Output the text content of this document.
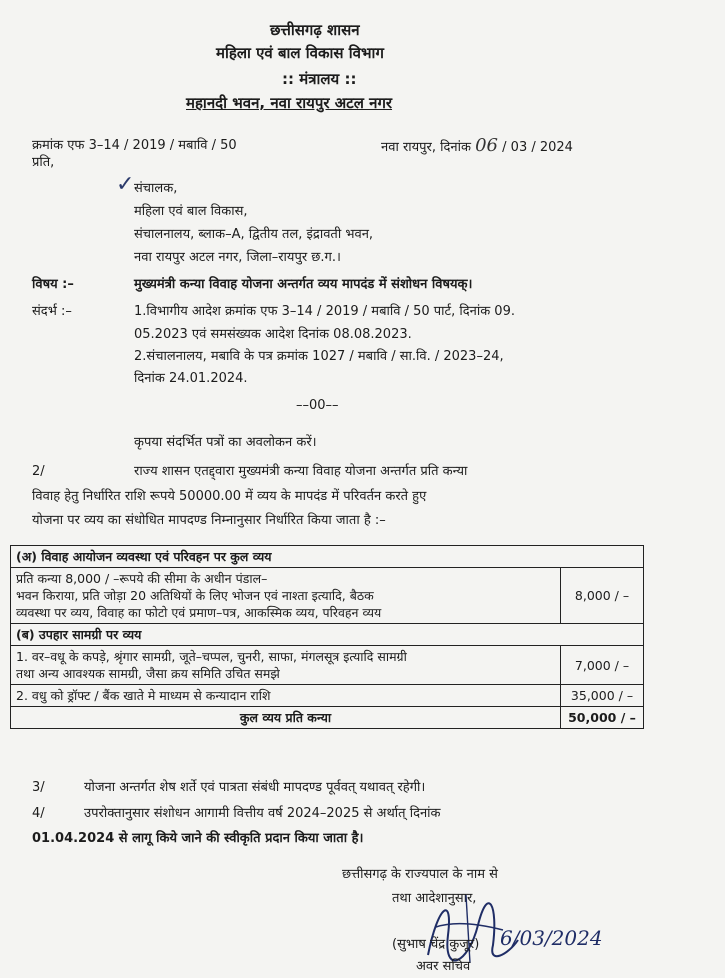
छत्तीसगढ़ शासन
महिला एवं बाल विकास विभाग
:: मंत्रालय ::
महानदी भवन, नवा रायपुर अटल नगर
क्रमांक एफ 3–14 / 2019 / मबावि / 50	नवा रायपुर, दिनांक 06 / 03 / 2024
प्रति,
✓ संचालक,
महिला एवं बाल विकास,
संचालनालय, ब्लाक–A, द्वितीय तल, इंद्रावती भवन,
नवा रायपुर अटल नगर, जिला–रायपुर छ.ग.।
विषय :–	मुख्यमंत्री कन्या विवाह योजना अन्तर्गत व्यय मापदंड में संशोधन विषयक्।
संदर्भ :–	1.विभागीय आदेश क्रमांक एफ 3–14 / 2019 / मबावि / 50 पार्ट, दिनांक 09.
05.2023 एवं समसंख्यक आदेश दिनांक 08.08.2023.
2.संचालनालय, मबावि के पत्र क्रमांक 1027 / मबावि / सा.वि. / 2023–24,
दिनांक 24.01.2024.
––00––
कृपया संदर्भित पत्रों का अवलोकन करें।
2/	राज्य शासन एतद्द्वारा मुख्यमंत्री कन्या विवाह योजना अन्तर्गत प्रति कन्या
विवाह हेतु निर्धारित राशि रूपये 50000.00 में व्यय के मापदंड में परिवर्तन करते हुए
योजना पर व्यय का संधोधित मापदण्ड निम्नानुसार निर्धारित किया जाता है :–
(अ) विवाह आयोजन व्यवस्था एवं परिवहन पर कुल व्यय	

प्रति कन्या 8,000 / –रूपये की सीमा के अधीन पंडाल–
भवन किराया, प्रति जोड़ा 20 अतिथियों के लिए भोजन एवं नाश्ता इत्यादि, बैठक
व्यवस्था पर व्यय, विवाह का फोटो एवं प्रमाण–पत्र, आकस्मिक व्यय, परिवहन व्यय	8,000 / –
(ब) उपहार सामग्री पर व्यय	

1. वर–वधू के कपड़े, श्रृंगार सामग्री, जूते–चप्पल, चुनरी, साफा, मंगलसूत्र इत्यादि सामग्री
तथा अन्य आवश्यक सामग्री, जैसा क्रय समिति उचित समझे	7,000 / –
2. वधु को ड्रॉफ्ट / बैंक खाते मे माध्यम से कन्यादान राशि	35,000 / –
कुल व्यय प्रति कन्या	50,000 / –
3/	योजना अन्तर्गत शेष शर्ते एवं पात्रता संबंधी मापदण्ड पूर्ववत् यथावत् रहेगी।
4/	उपरोक्तानुसार संशोधन आगामी वित्तीय वर्ष 2024–2025 से अर्थात् दिनांक
01.04.2024 से लागू किये जाने की स्वीकृति प्रदान किया जाता है।
छत्तीसगढ़ के राज्यपाल के नाम से
तथा आदेशानुसार,
6/03/2024
(सुभाष चेंद्र कुजूर)
अवर सचिव
